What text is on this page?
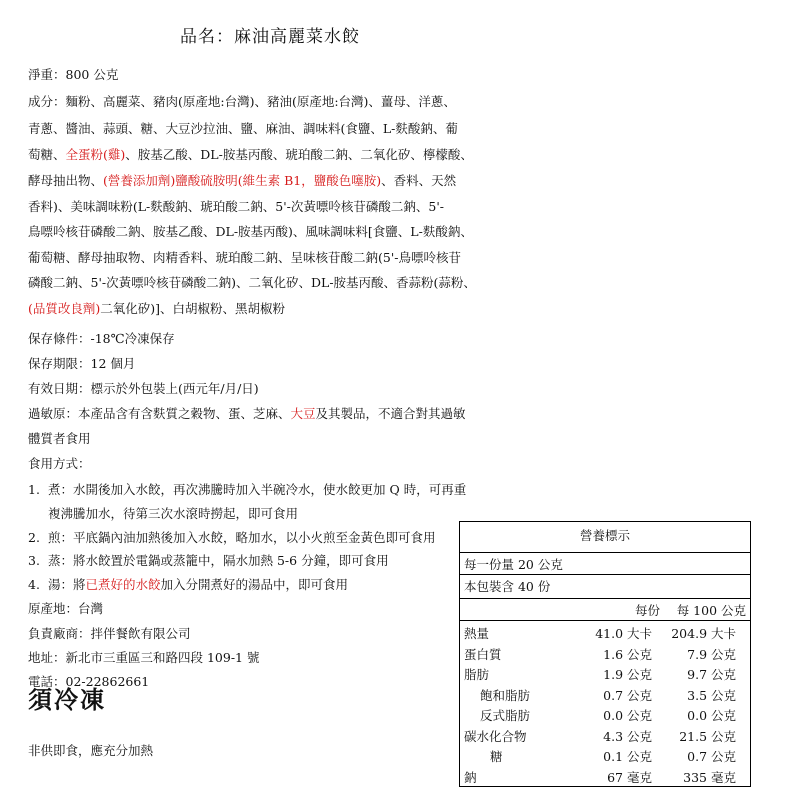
品名：麻油高麗菜水餃
淨重：800 公克
成分：麵粉、高麗菜、豬肉(原產地:台灣)、豬油(原產地:台灣)、薑母、洋蔥、
青蔥、醬油、蒜頭、糖、大豆沙拉油、鹽、麻油、調味料(食鹽、L-麩酸鈉、葡
萄糖、全蛋粉(雞)、胺基乙酸、DL-胺基丙酸、琥珀酸二鈉、二氧化矽、檸檬酸、
酵母抽出物、(營養添加劑)鹽酸硫胺明(維生素 B1，鹽酸色噻胺)、香料、天然
香料)、美味調味粉(L-麩酸鈉、琥珀酸二鈉、5'-次黃嘌呤核苷磷酸二鈉、5'-
鳥嘌呤核苷磷酸二鈉、胺基乙酸、DL-胺基丙酸)、風味調味料[食鹽、L-麩酸鈉、
葡萄糖、酵母抽取物、肉精香料、琥珀酸二鈉、呈味核苷酸二鈉(5'-鳥嘌呤核苷
磷酸二鈉、5'-次黃嘌呤核苷磷酸二鈉)、二氧化矽、DL-胺基丙酸、香蒜粉(蒜粉、
(品質改良劑)二氧化矽)]、白胡椒粉、黑胡椒粉
保存條件：-18℃冷凍保存
保存期限：12 個月
有效日期：標示於外包裝上(西元年/月/日)
過敏原：本產品含有含麩質之穀物、蛋、芝麻、大豆及其製品，不適合對其過敏
體質者食用
食用方式：
1. 煮：水開後加入水餃，再次沸騰時加入半碗冷水，使水餃更加 Q 時，可再重
複沸騰加水，待第三次水滾時撈起，即可食用
2. 煎：平底鍋內油加熱後加入水餃，略加水，以小火煎至金黃色即可食用
3. 蒸：將水餃置於電鍋或蒸籠中，隔水加熱 5-6 分鐘，即可食用
4. 湯：將已煮好的水餃加入分開煮好的湯品中，即可食用
原產地：台灣
負責廠商：拌伴餐飲有限公司
地址：新北市三重區三和路四段 109-1 號
電話：02-22862661
須冷凍
非供即食，應充分加熱
營養標示
每一份量 20 公克
本包裝含 40 份
每份 每 100 公克
熱量	41.0 大卡 204.9 大卡
蛋白質	1.6 公克	7.9 公克
脂肪	1.9 公克	9.7 公克
飽和脂肪	0.7 公克	3.5 公克
反式脂肪	0.0 公克	0.0 公克
碳水化合物	4.3 公克 21.5 公克
糖	0.1 公克	0.7 公克
鈉	67 毫克 335 毫克
